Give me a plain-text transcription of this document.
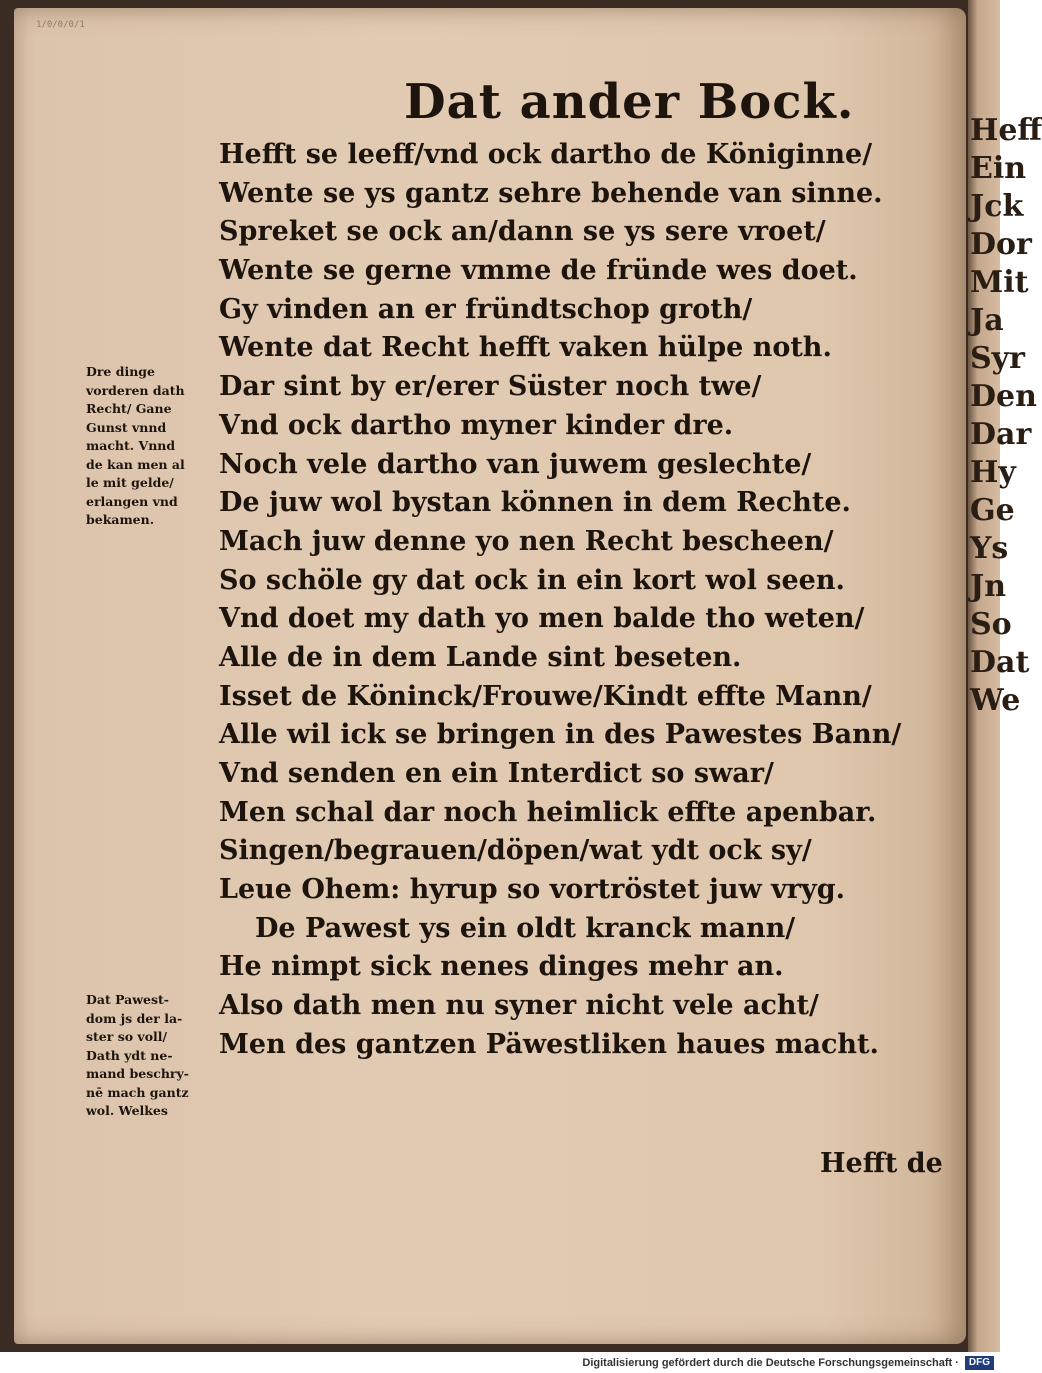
1/0/0/0/1
Dat ander Bock.
Dre dinge
vorderen dath
Recht/ Gane
Gunst vnnd
macht. Vnnd
de kan men al
le mit gelde/
erlangen vnd
bekamen.
Dat Pawest-
dom js der la-
ster so voll/
Dath ydt ne-
mand beschry-
nē mach gantz
wol. Welkes
Hefft se leeff/vnd ock dartho de Königinne/
Wente se ys gantz sehre behende van sinne.
Spreket se ock an/dann se ys sere vroet/
Wente se gerne vmme de fründe wes doet.
Gy vinden an er fründtschop groth/
Wente dat Recht hefft vaken hülpe noth.
Dar sint by er/erer Süster noch twe/
Vnd ock dartho myner kinder dre.
Noch vele dartho van juwem geslechte/
De juw wol bystan können in dem Rechte.
Mach juw denne yo nen Recht bescheen/
So schöle gy dat ock in ein kort wol seen.
Vnd doet my dath yo men balde tho weten/
Alle de in dem Lande sint beseten.
Isset de Köninck/Frouwe/Kindt effte Mann/
Alle wil ick se bringen in des Pawestes Bann/
Vnd senden en ein Interdict so swar/
Men schal dar noch heimlick effte apenbar.
Singen/begrauen/döpen/wat ydt ock sy/
Leue Ohem: hyrup so vortröstet juw vryg.
De Pawest ys ein oldt kranck mann/
He nimpt sick nenes dinges mehr an.
Also dath men nu syner nicht vele acht/
Men des gantzen Päwestliken haues macht.
Hefft de
Heff
Ein
Jck
Dor
Mit
Ja
Syr
Den
Dar
Hy
Ge
Ys
Jn
So
Dat
We
Digitalisierung gefördert durch die Deutsche Forschungsgemeinschaft ·	DFG
